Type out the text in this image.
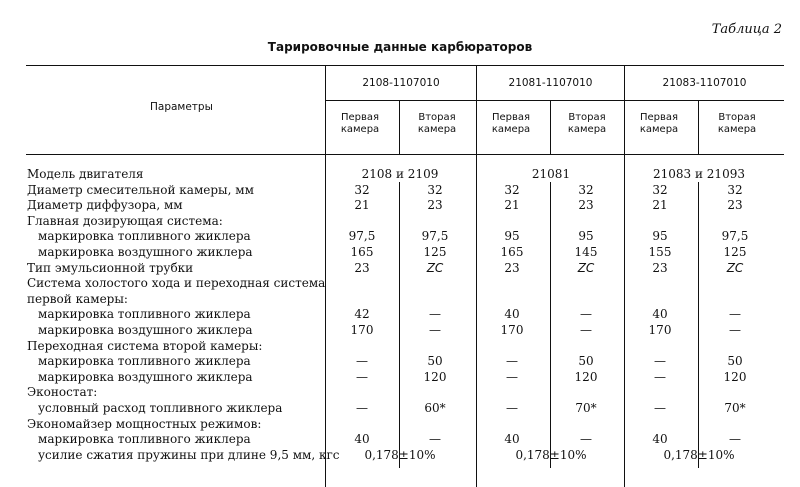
Таблица 2
Тарировочные данные карбюраторов
Параметры
2108-1107010	21081-1107010	21083-1107010
Первая
камера
Вторая
камера
Первая
камера
Вторая
камера
Первая
камера
Вторая
камера
Модель двигателя	2108 и 2109	21081	21083 и 21093
Диаметр смесительной камеры, мм	32	32	32	32	32	32
Диаметр диффузора, мм	21	23	21	23	21	23
Главная дозирующая система:
маркировка топливного жиклера	97,5	97,5	95	95	95	97,5
маркировка воздушного жиклера	165	125	165	145	155	125
Тип эмульсионной трубки	23	ZC	23	ZC	23	ZC
Система холостого хода и переходная система
первой камеры:
маркировка топливного жиклера	42	—	40	—	40	—
маркировка воздушного жиклера	170	—	170	—	170	—
Переходная система второй камеры:
маркировка топливного жиклера	—	50	—	50	—	50
маркировка воздушного жиклера	—	120	—	120	—	120
Эконостат:
условный расход топливного жиклера	—	60*	—	70*	—	70*
Экономайзер мощностных режимов:
маркировка топливного жиклера	40	—	40	—	40	—
усилие сжатия пружины при длине 9,5 мм, кгс	0,178±10%	0,178±10%	0,178±10%
